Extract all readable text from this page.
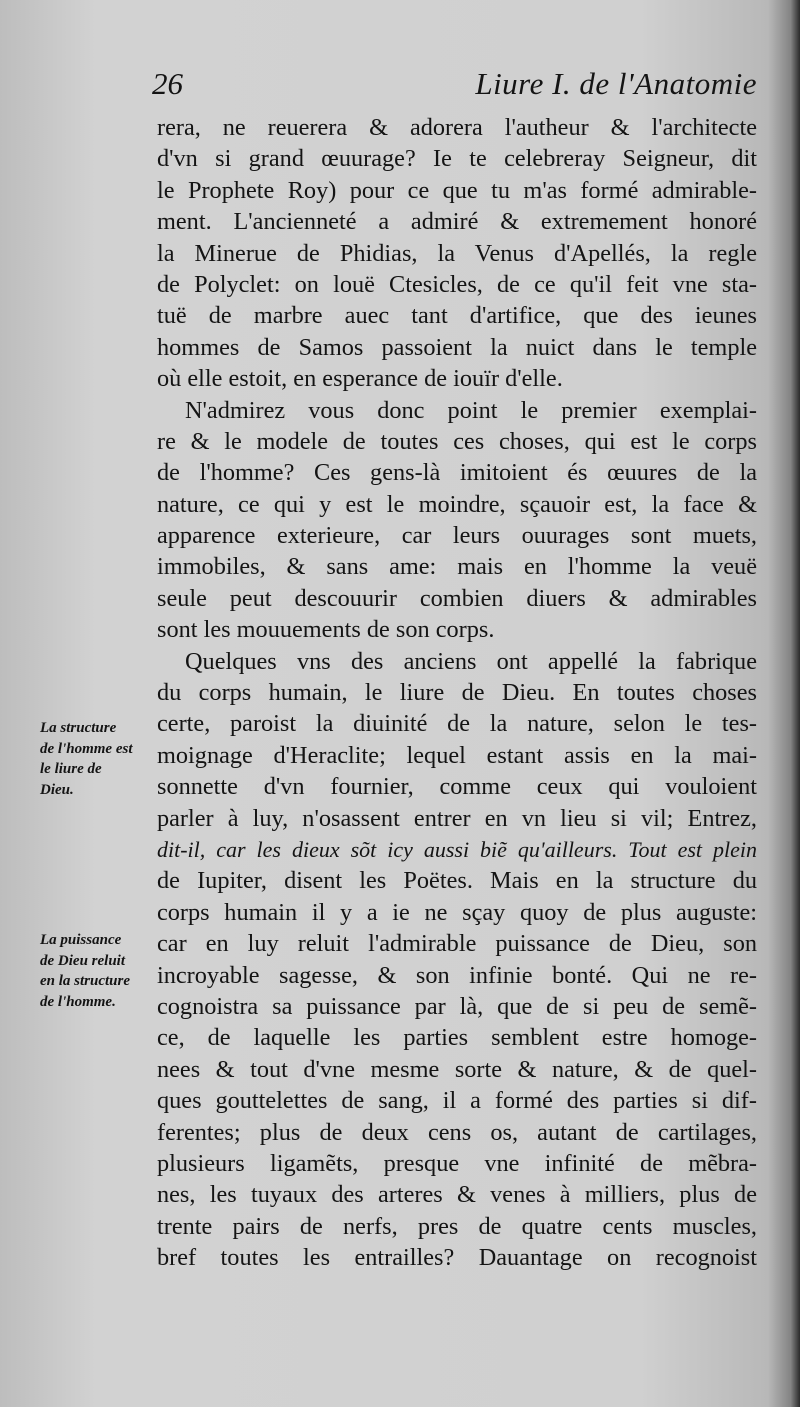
26	Liure I. de l'Anatomie
La structure
de l'homme est
le liure de
Dieu.
La puissance
de Dieu reluit
en la structure
de l'homme.
rera, ne reuerera & adorera l'autheur & l'architecte
d'vn si grand œuurage? Ie te celebreray Seigneur, dit
le Prophete Roy) pour ce que tu m'as formé admirable-
ment. L'ancienneté a admiré & extremement honoré
la Minerue de Phidias, la Venus d'Apellés, la regle
de Polyclet: on louë Ctesicles, de ce qu'il feit vne sta-
tuë de marbre auec tant d'artifice, que des ieunes
hommes de Samos passoient la nuict dans le temple
où elle estoit, en esperance de iouïr d'elle.
N'admirez vous donc point le premier exemplai-
re & le modele de toutes ces choses, qui est le corps
de l'homme? Ces gens-là imitoient és œuures de la
nature, ce qui y est le moindre, sçauoir est, la face &
apparence exterieure, car leurs ouurages sont muets,
immobiles, & sans ame: mais en l'homme la veuë
seule peut descouurir combien diuers & admirables
sont les mouuements de son corps.
Quelques vns des anciens ont appellé la fabrique
du corps humain, le liure de Dieu. En toutes choses
certe, paroist la diuinité de la nature, selon le tes-
moignage d'Heraclite; lequel estant assis en la mai-
sonnette d'vn fournier, comme ceux qui vouloient
parler à luy, n'osassent entrer en vn lieu si vil; Entrez,
dit-il, car les dieux sõt icy aussi biẽ qu'ailleurs. Tout est plein
de Iupiter, disent les Poëtes. Mais en la structure du
corps humain il y a ie ne sçay quoy de plus auguste:
car en luy reluit l'admirable puissance de Dieu, son
incroyable sagesse, & son infinie bonté. Qui ne re-
cognoistra sa puissance par là, que de si peu de semẽ-
ce, de laquelle les parties semblent estre homoge-
nees & tout d'vne mesme sorte & nature, & de quel-
ques gouttelettes de sang, il a formé des parties si dif-
ferentes; plus de deux cens os, autant de cartilages,
plusieurs ligamẽts, presque vne infinité de mẽbra-
nes, les tuyaux des arteres & venes à milliers, plus de
trente pairs de nerfs, pres de quatre cents muscles,
bref toutes les entrailles? Dauantage on recognoist
